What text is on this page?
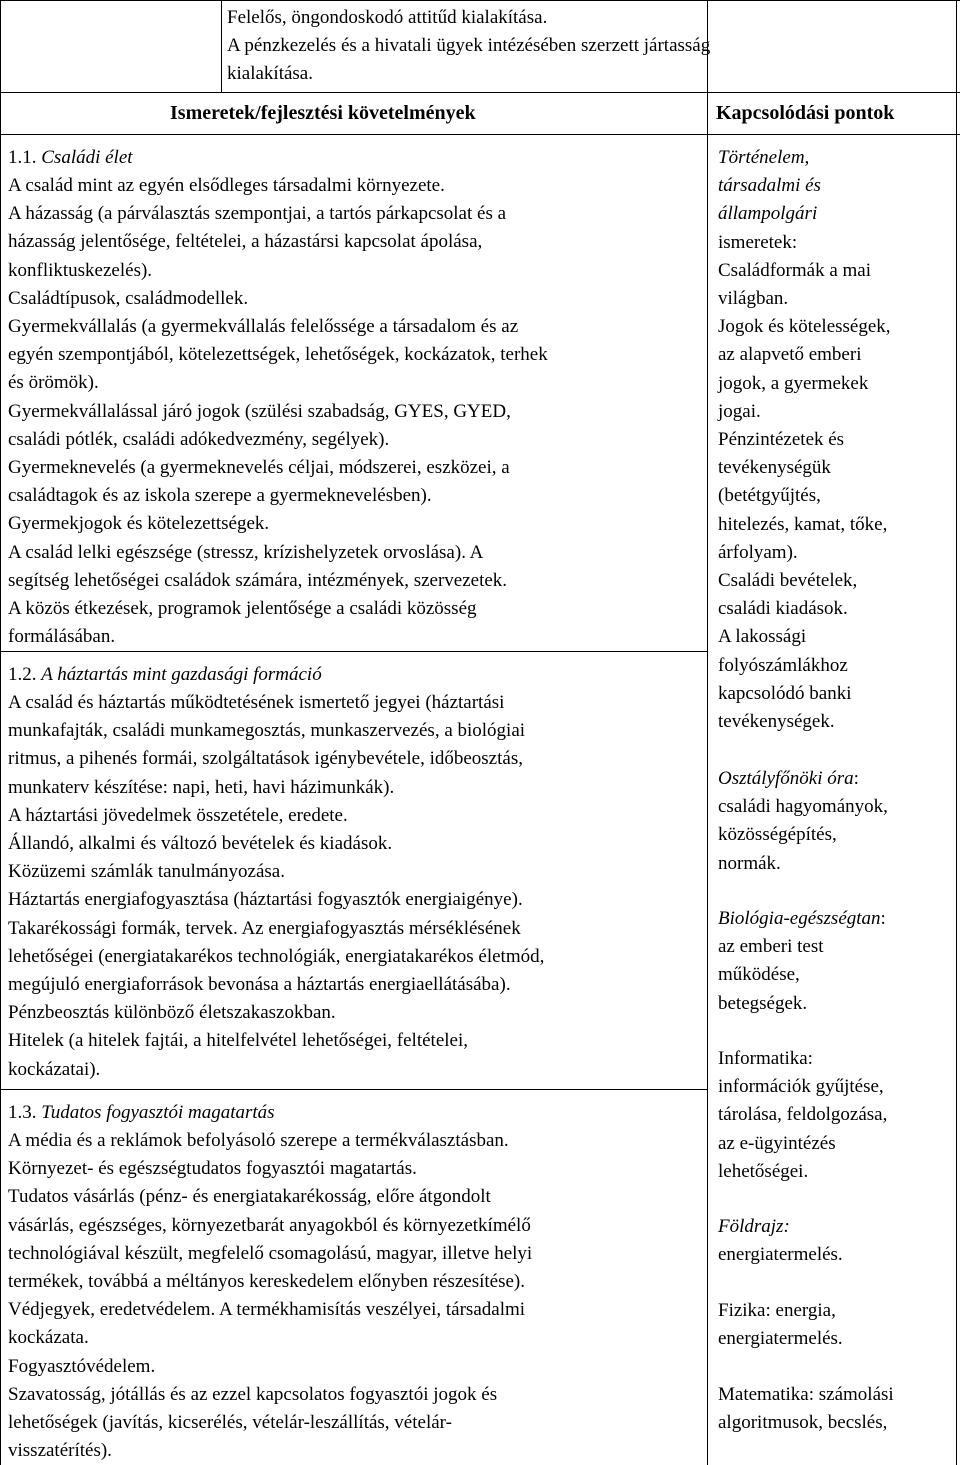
Felelős, öngondoskodó attitűd kialakítása.
A pénzkezelés és a hivatali ügyek intézésében szerzett jártasság
kialakítása.
Ismeretek/fejlesztési követelmények	Kapcsolódási pontok
1.1. Családi élet
A család mint az egyén elsődleges társadalmi környezete.
A házasság (a párválasztás szempontjai, a tartós párkapcsolat és a
házasság jelentősége, feltételei, a házastársi kapcsolat ápolása,
konfliktuskezelés).
Családtípusok, családmodellek.
Gyermekvállalás (a gyermekvállalás felelőssége a társadalom és az
egyén szempontjából, kötelezettségek, lehetőségek, kockázatok, terhek
és örömök).
Gyermekvállalással járó jogok (szülési szabadság, GYES, GYED,
családi pótlék, családi adókedvezmény, segélyek).
Gyermeknevelés (a gyermeknevelés céljai, módszerei, eszközei, a
családtagok és az iskola szerepe a gyermeknevelésben).
Gyermekjogok és kötelezettségek.
A család lelki egészsége (stressz, krízishelyzetek orvoslása). A
segítség lehetőségei családok számára, intézmények, szervezetek.
A közös étkezések, programok jelentősége a családi közösség
formálásában.
1.2. A háztartás mint gazdasági formáció
A család és háztartás működtetésének ismertető jegyei (háztartási
munkafajták, családi munkamegosztás, munkaszervezés, a biológiai
ritmus, a pihenés formái, szolgáltatások igénybevétele, időbeosztás,
munkaterv készítése: napi, heti, havi házimunkák).
A háztartási jövedelmek összetétele, eredete.
Állandó, alkalmi és változó bevételek és kiadások.
Közüzemi számlák tanulmányozása.
Háztartás energiafogyasztása (háztartási fogyasztók energiaigénye).
Takarékossági formák, tervek. Az energiafogyasztás mérséklésének
lehetőségei (energiatakarékos technológiák, energiatakarékos életmód,
megújuló energiaforrások bevonása a háztartás energiaellátásába).
Pénzbeosztás különböző életszakaszokban.
Hitelek (a hitelek fajtái, a hitelfelvétel lehetőségei, feltételei,
kockázatai).
1.3. Tudatos fogyasztói magatartás
A média és a reklámok befolyásoló szerepe a termékválasztásban.
Környezet- és egészségtudatos fogyasztói magatartás.
Tudatos vásárlás (pénz- és energiatakarékosság, előre átgondolt
vásárlás, egészséges, környezetbarát anyagokból és környezetkímélő
technológiával készült, megfelelő csomagolású, magyar, illetve helyi
termékek, továbbá a méltányos kereskedelem előnyben részesítése).
Védjegyek, eredetvédelem. A termékhamisítás veszélyei, társadalmi
kockázata.
Fogyasztóvédelem.
Szavatosság, jótállás és az ezzel kapcsolatos fogyasztói jogok és
lehetőségek (javítás, kicserélés, vételár-leszállítás, vételár-
visszatérítés).
Történelem,
társadalmi és
állampolgári
ismeretek:
Családformák a mai
világban.
Jogok és kötelességek,
az alapvető emberi
jogok, a gyermekek
jogai.
Pénzintézetek és
tevékenységük
(betétgyűjtés,
hitelezés, kamat, tőke,
árfolyam).
Családi bevételek,
családi kiadások.
A lakossági
folyószámlákhoz
kapcsolódó banki
tevékenységek.
Osztályfőnöki óra:
családi hagyományok,
közösségépítés,
normák.
Biológia-egészségtan:
az emberi test
működése,
betegségek.
Informatika:
információk gyűjtése,
tárolása, feldolgozása,
az e-ügyintézés
lehetőségei.
Földrajz:
energiatermelés.
Fizika: energia,
energiatermelés.
Matematika: számolási
algoritmusok, becslés,
